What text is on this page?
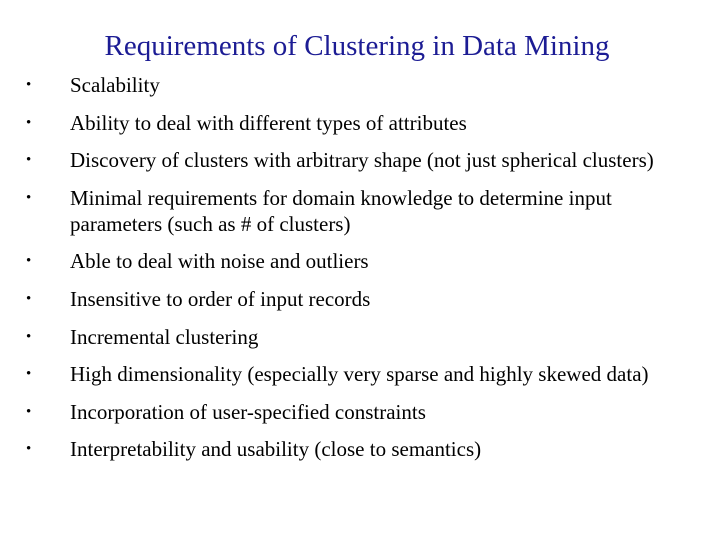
Requirements of Clustering in Data Mining
•	Scalability
•	Ability to deal with different types of attributes
•	Discovery of clusters with arbitrary shape (not just spherical clusters)
•	Minimal requirements for domain knowledge to determine input parameters (such as # of clusters)
•	Able to deal with noise and outliers
•	Insensitive to order of input records
•	Incremental clustering
•	High dimensionality (especially very sparse and highly skewed data)
•	Incorporation of user-specified constraints
•	Interpretability and usability (close to semantics)
